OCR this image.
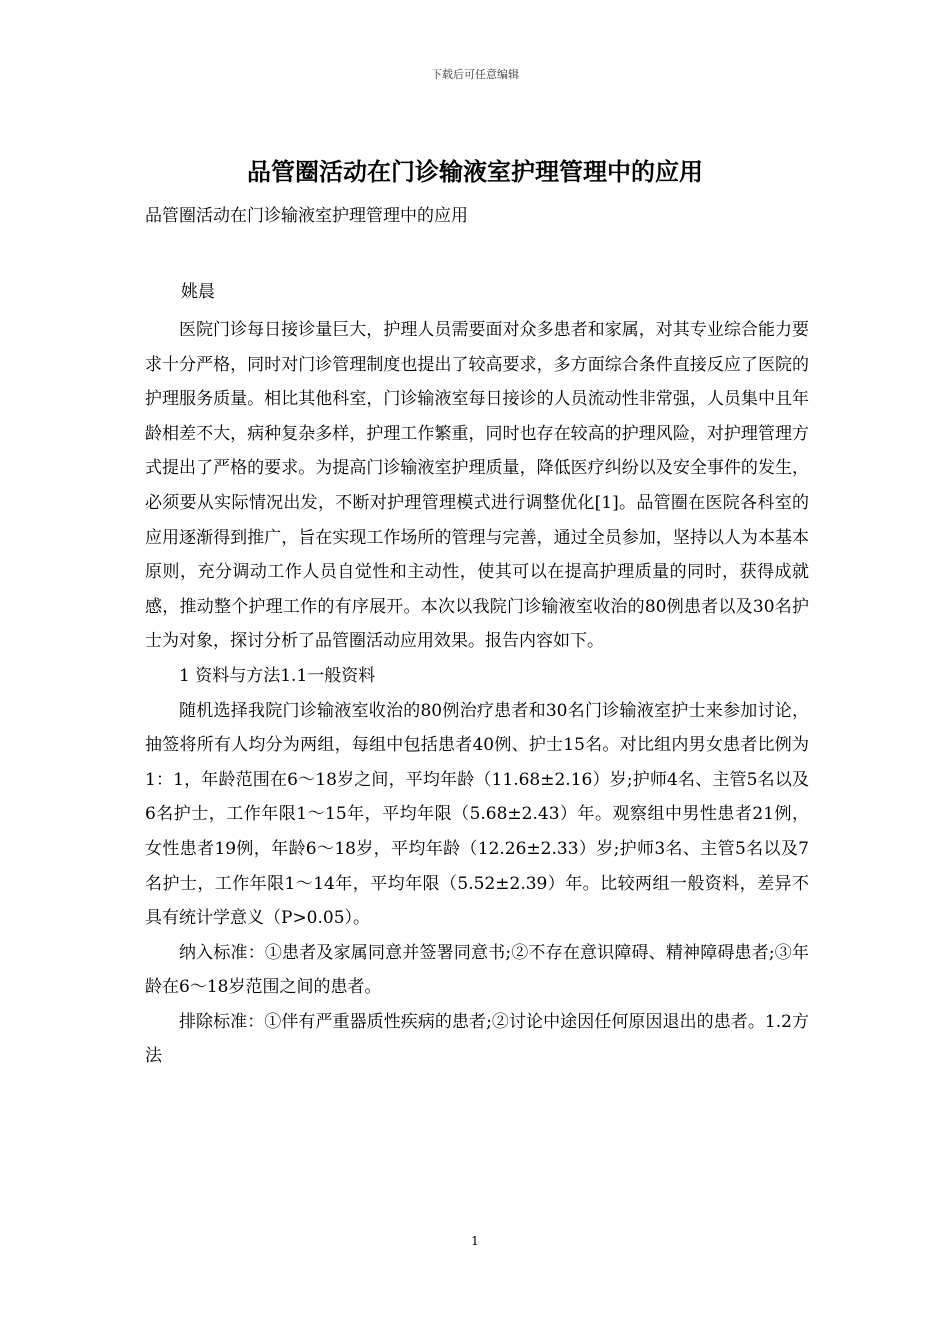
下载后可任意编辑
品管圈活动在门诊输液室护理管理中的应用
品管圈活动在门诊输液室护理管理中的应用
姚晨

医院门诊每日接诊量巨大，护理人员需要面对众多患者和家属，对其专业综合能力要求十分严格，同时对门诊管理制度也提出了较高要求，多方面综合条件直接反应了医院的护理服务质量。相比其他科室，门诊输液室每日接诊的人员流动性非常强，人员集中且年龄相差不大，病种复杂多样，护理工作繁重，同时也存在较高的护理风险，对护理管理方式提出了严格的要求。为提高门诊输液室护理质量，降低医疗纠纷以及安全事件的发生，必须要从实际情况出发，不断对护理管理模式进行调整优化[1]。品管圈在医院各科室的应用逐渐得到推广，旨在实现工作场所的管理与完善，通过全员参加，坚持以人为本基本原则，充分调动工作人员自觉性和主动性，使其可以在提高护理质量的同时，获得成就感，推动整个护理工作的有序展开。本次以我院门诊输液室收治的80例患者以及30名护士为对象，探讨分析了品管圈活动应用效果。报告内容如下。

1 资料与方法1.1一般资料

随机选择我院门诊输液室收治的80例治疗患者和30名门诊输液室护士来参加讨论，抽签将所有人均分为两组，每组中包括患者40例、护士15名。对比组内男女患者比例为1：1，年龄范围在6～18岁之间，平均年龄（11.68±2.16）岁;护师4名、主管5名以及6名护士，工作年限1～15年，平均年限（5.68±2.43）年。观察组中男性患者21例，女性患者19例，年龄6～18岁，平均年龄（12.26±2.33）岁;护师3名、主管5名以及7名护士，工作年限1～14年，平均年限（5.52±2.39）年。比较两组一般资料，差异不具有统计学意义（P>0.05）。

纳入标准：①患者及家属同意并签署同意书;②不存在意识障碍、精神障碍患者;③年龄在6～18岁范围之间的患者。

排除标准：①伴有严重器质性疾病的患者;②讨论中途因任何原因退出的患者。1.2方法

1
